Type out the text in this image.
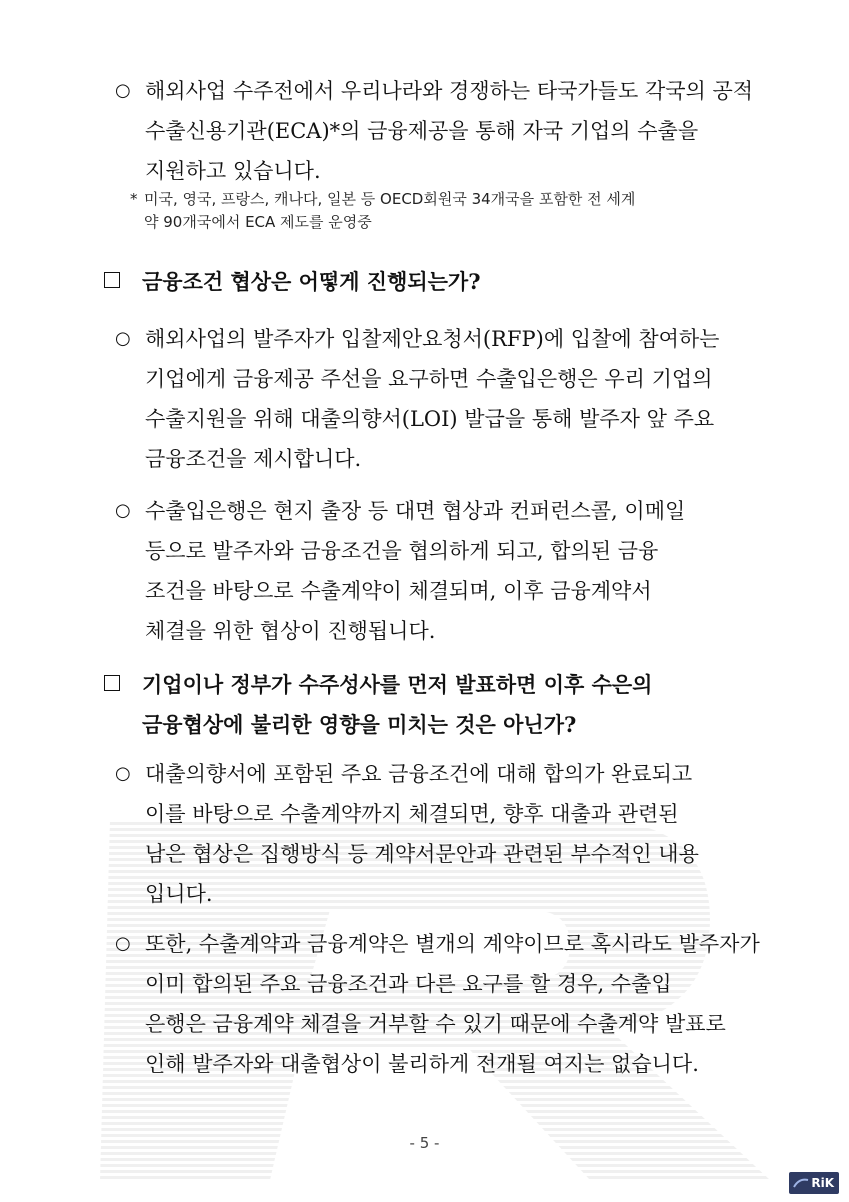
○ 해외사업 수주전에서 우리나라와 경쟁하는 타국가들도 각국의 공적
수출신용기관(ECA)*의 금융제공을 통해 자국 기업의 수출을
지원하고 있습니다.
* 미국, 영국, 프랑스, 캐나다, 일본 등 OECD회원국 34개국을 포함한 전 세계
약 90개국에서 ECA 제도를 운영중
금융조건 협상은 어떻게 진행되는가?
○ 해외사업의 발주자가 입찰제안요청서(RFP)에 입찰에 참여하는
기업에게 금융제공 주선을 요구하면 수출입은행은 우리 기업의
수출지원을 위해 대출의향서(LOI) 발급을 통해 발주자 앞 주요
금융조건을 제시합니다.
○ 수출입은행은 현지 출장 등 대면 협상과 컨퍼런스콜, 이메일
등으로 발주자와 금융조건을 협의하게 되고, 합의된 금융
조건을 바탕으로 수출계약이 체결되며, 이후 금융계약서
체결을 위한 협상이 진행됩니다.
기업이나 정부가 수주성사를 먼저 발표하면 이후 수은의
금융협상에 불리한 영향을 미치는 것은 아닌가?
○ 대출의향서에 포함된 주요 금융조건에 대해 합의가 완료되고
이를 바탕으로 수출계약까지 체결되면, 향후 대출과 관련된
남은 협상은 집행방식 등 계약서문안과 관련된 부수적인 내용
입니다.
○ 또한, 수출계약과 금융계약은 별개의 계약이므로 혹시라도 발주자가
이미 합의된 주요 금융조건과 다른 요구를 할 경우, 수출입
은행은 금융계약 체결을 거부할 수 있기 때문에 수출계약 발표로
인해 발주자와 대출협상이 불리하게 전개될 여지는 없습니다.
- 5 -
RiK
